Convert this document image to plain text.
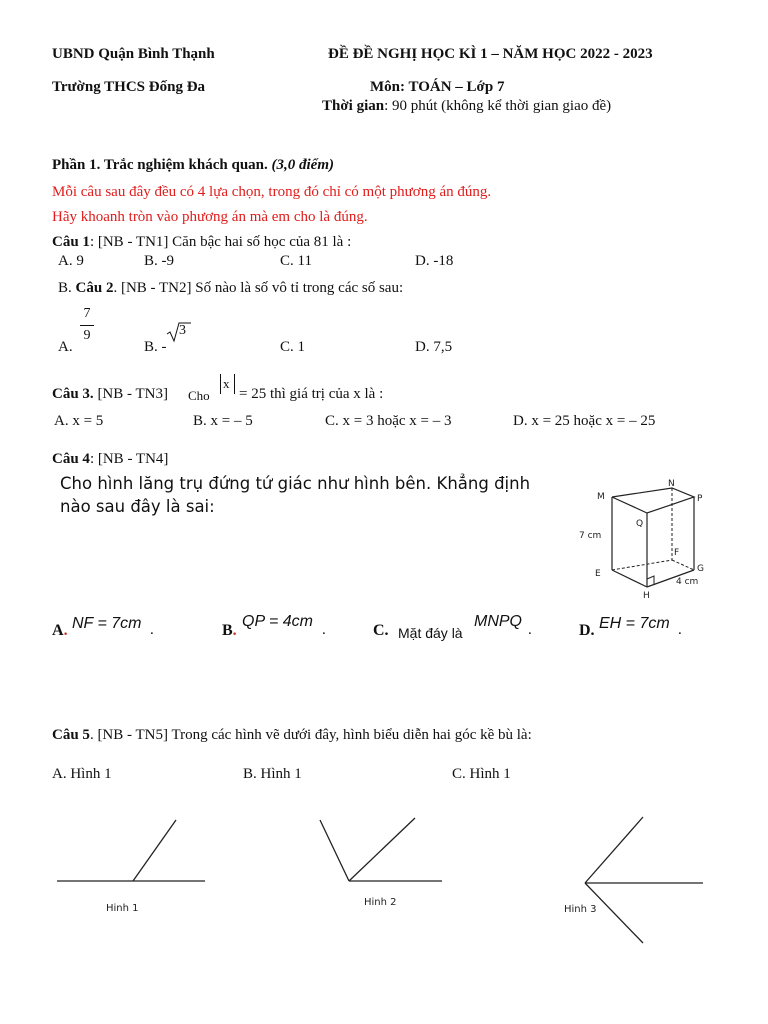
UBND Quận Bình Thạnh	ĐỀ ĐỀ NGHỊ HỌC KÌ 1 – NĂM HỌC 2022 - 2023
Trường THCS Đống Đa	Môn: TOÁN – Lớp 7
Thời gian: 90 phút (không kể thời gian giao đề)
Phần 1. Trắc nghiệm khách quan. (3,0 điểm)
Mỗi câu sau đây đều có 4 lựa chọn, trong đó chỉ có một phương án đúng.
Hãy khoanh tròn vào phương án mà em cho là đúng.
Câu 1: [NB - TN1] Căn bậc hai số học của 81 là :
A. 9	B. -9	C. 11	D. -18
B. Câu 2. [NB - TN2] Số nào là số vô tỉ trong các số sau:
A.
7
9
B. -
3
C. 1	D. 7,5
Câu 3. [NB - TN3] Cho
x
= 25 thì giá trị của x là :
A. x = 5	B. x = – 5	C. x = 3 hoặc x = – 3	D. x = 25 hoặc x = – 25
Câu 4: [NB - TN4]
Cho hình lăng trụ đứng tứ giác như hình bên. Khẳng định
nào sau đây là sai:	M
N
P
Q
F
E	G
H
7 cm
4 cm
A. NF = 7cm .	B.
QP = 4cm .	C. Mặt đáy là
MNPQ .	D. EH = 7cm .
Câu 5. [NB - TN5] Trong các hình vẽ dưới đây, hình biểu diễn hai góc kề bù là:
A. Hình 1	B. Hình 1	C. Hình 1
Hinh 1
Hinh 2
Hinh 3
